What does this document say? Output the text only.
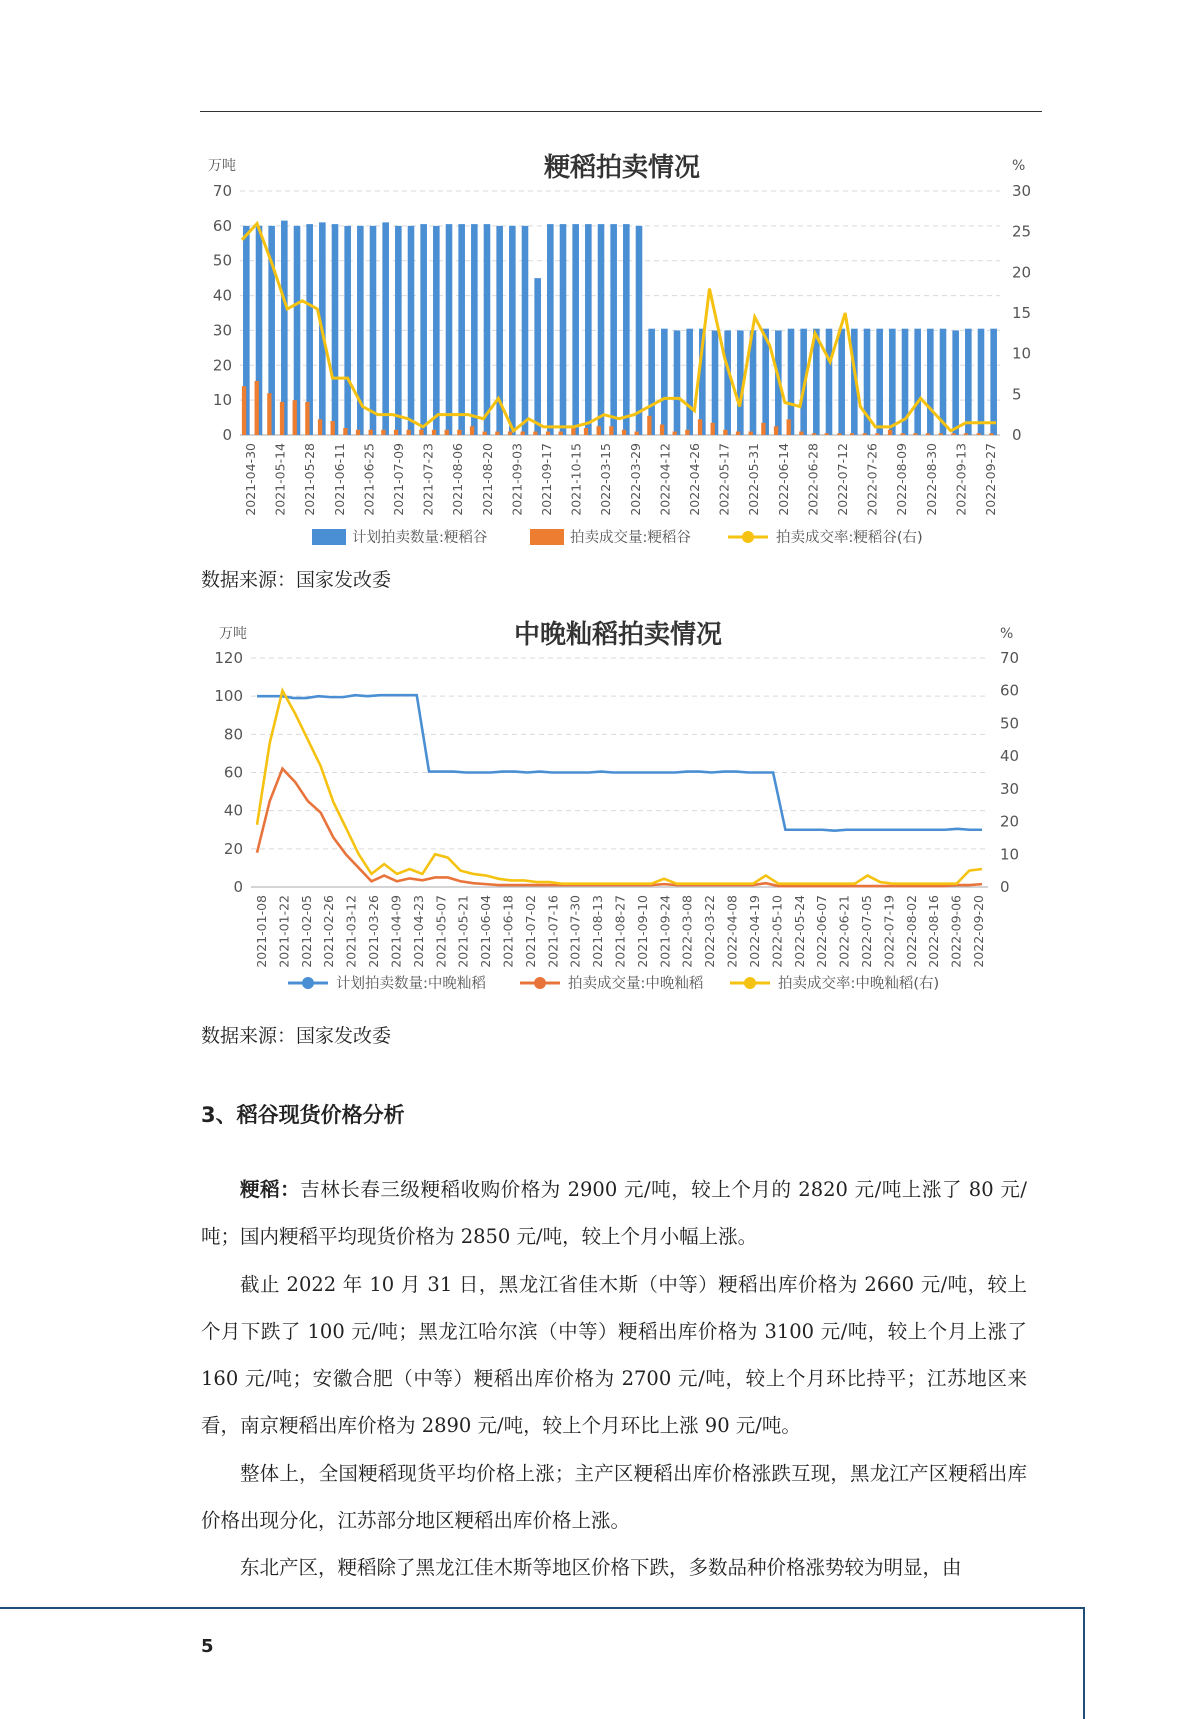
粳稻拍卖情况
万吨	%
0
10
20
30
40
50
60
70
0
5
10
15
20
25
30
2021-04-30 2021-05-14 2021-05-28 2021-06-11 2021-06-25 2021-07-09 2021-07-23 2021-08-06 2021-08-20 2021-09-03 2021-09-17 2021-10-15 2022-03-15 2022-03-29 2022-04-12 2022-04-26 2022-05-17 2022-05-31 2022-06-14 2022-06-28 2022-07-12 2022-07-26 2022-08-09 2022-08-30 2022-09-13 2022-09-27
计划拍卖数量:粳稻谷	拍卖成交量:粳稻谷	拍卖成交率:粳稻谷(右)
数据来源：国家发改委
中晚籼稻拍卖情况
万吨	%
0
20
40
60
80
100
120
0
10
20
30
40
50
60
70
2021-01-08 2021-01-22 2021-02-05 2021-02-26 2021-03-12 2021-03-26 2021-04-09 2021-04-23 2021-05-07 2021-05-21 2021-06-04 2021-06-18 2021-07-02 2021-07-16 2021-07-30 2021-08-13 2021-08-27 2021-09-10 2021-09-24 2022-03-08 2022-03-22 2022-04-08 2022-04-19 2022-05-10 2022-05-24 2022-06-07 2022-06-21 2022-07-05 2022-07-19 2022-08-02 2022-08-16 2022-09-06 2022-09-20
计划拍卖数量:中晚籼稻	拍卖成交量:中晚籼稻	拍卖成交率:中晚籼稻(右)
数据来源：国家发改委
3、稻谷现货价格分析

粳稻：吉林长春三级粳稻收购价格为 2900 元/吨，较上个月的 2820 元/吨上涨了 80 元/吨；国内粳稻平均现货价格为 2850 元/吨，较上个月小幅上涨。

截止 2022 年 10 月 31 日，黑龙江省佳木斯（中等）粳稻出库价格为 2660 元/吨，较上个月下跌了 100 元/吨；黑龙江哈尔滨（中等）粳稻出库价格为 3100 元/吨，较上个月上涨了 160 元/吨；安徽合肥（中等）粳稻出库价格为 2700 元/吨，较上个月环比持平；江苏地区来看，南京粳稻出库价格为 2890 元/吨，较上个月环比上涨 90 元/吨。

整体上，全国粳稻现货平均价格上涨；主产区粳稻出库价格涨跌互现，黑龙江产区粳稻出库价格出现分化，江苏部分地区粳稻出库价格上涨。

东北产区，粳稻除了黑龙江佳木斯等地区价格下跌，多数品种价格涨势较为明显，由

5
